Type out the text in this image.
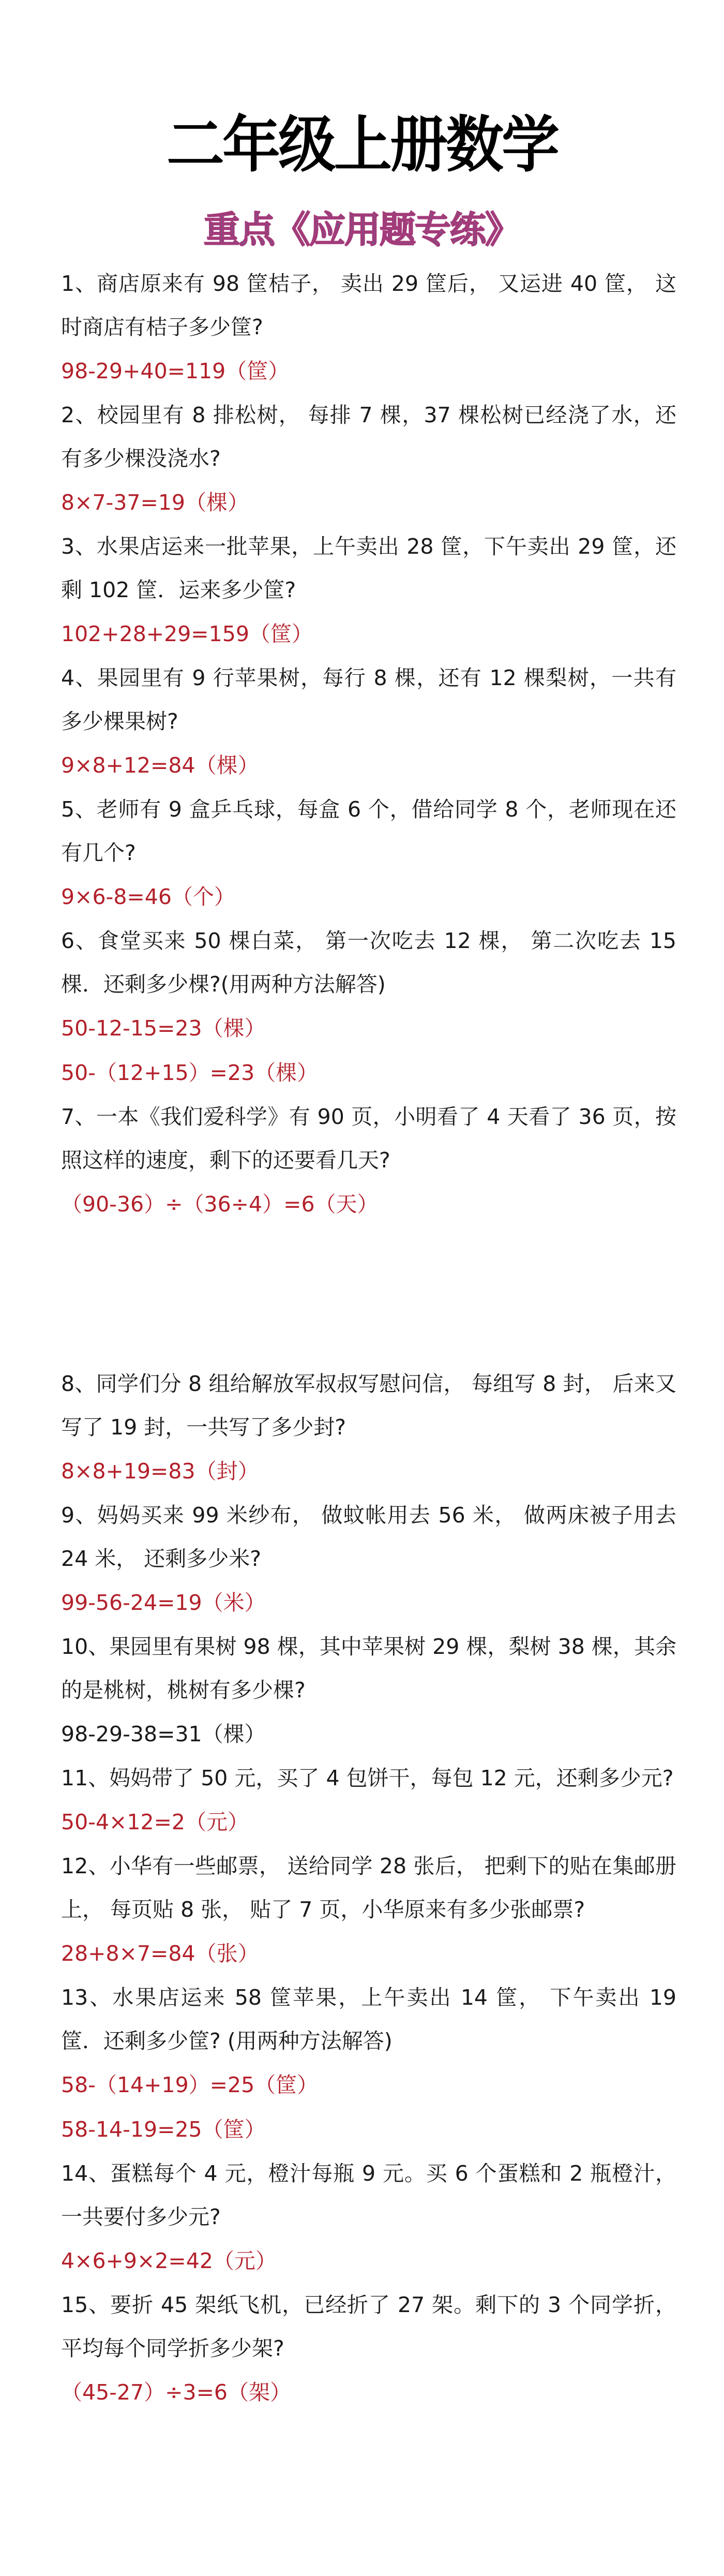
二年级上册数学
重点《应用题专练》

1、商店原来有 98 筐桔子， 卖出 29 筐后， 又运进 40 筐， 这时商店有桔子多少筐?

98-29+40=119（筐）

2、校园里有 8 排松树， 每排 7 棵，37 棵松树已经浇了水，还有多少棵没浇水?

8×7-37=19（棵）

3、水果店运来一批苹果，上午卖出 28 筐，下午卖出 29 筐，还剩 102 筐．运来多少筐?

102+28+29=159（筐）

4、果园里有 9 行苹果树，每行 8 棵，还有 12 棵梨树，一共有多少棵果树?

9×8+12=84（棵）

5、老师有 9 盒乒乓球，每盒 6 个，借给同学 8 个，老师现在还有几个?

9×6-8=46（个）

6、食堂买来 50 棵白菜， 第一次吃去 12 棵， 第二次吃去 15 棵．还剩多少棵?(用两种方法解答)

50-12-15=23（棵）

50-（12+15）=23（棵）

7、一本《我们爱科学》有 90 页，小明看了 4 天看了 36 页，按照这样的速度，剩下的还要看几天?

（90-36）÷（36÷4）=6（天）

8、同学们分 8 组给解放军叔叔写慰问信， 每组写 8 封， 后来又写了 19 封，一共写了多少封?

8×8+19=83（封）

9、妈妈买来 99 米纱布， 做蚊帐用去 56 米， 做两床被子用去 24 米， 还剩多少米?

99-56-24=19（米）

10、果园里有果树 98 棵，其中苹果树 29 棵，梨树 38 棵，其余的是桃树，桃树有多少棵?

98-29-38=31（棵）

11、妈妈带了 50 元，买了 4 包饼干，每包 12 元，还剩多少元?

50-4×12=2（元）

12、小华有一些邮票， 送给同学 28 张后， 把剩下的贴在集邮册上， 每页贴 8 张， 贴了 7 页，小华原来有多少张邮票?

28+8×7=84（张）

13、水果店运来 58 筐苹果，上午卖出 14 筐， 下午卖出 19 筐．还剩多少筐? (用两种方法解答)

58-（14+19）=25（筐）

58-14-19=25（筐）

14、蛋糕每个 4 元，橙汁每瓶 9 元。买 6 个蛋糕和 2 瓶橙汁，一共要付多少元?

4×6+9×2=42（元）

15、要折 45 架纸飞机，已经折了 27 架。剩下的 3 个同学折，平均每个同学折多少架?

（45-27）÷3=6（架）
